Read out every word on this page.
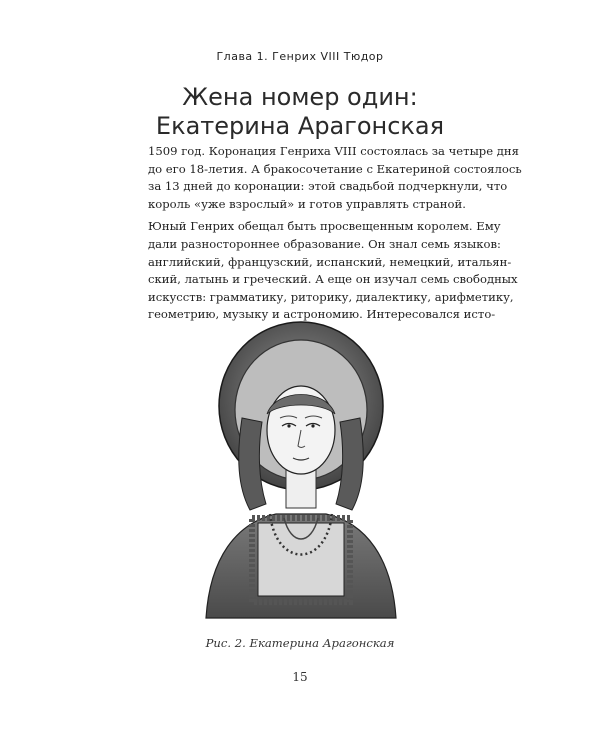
Глава 1. Генрих VIII Тюдор
Жена номер один:
Екатерина Арагонская

1509 год. Коронация Генриха VIII состоялась за четыре дня
до его 18-летия. А бракосочетание с Екатериной состоялось
за 13 дней до коронации: этой свадьбой подчеркнули, что
король «уже взрослый» и готов управлять страной.

Юный Генрих обещал быть просвещенным королем. Ему
дали разностороннее образование. Он знал семь языков:
английский, французский, испанский, немецкий, итальян-
ский, латынь и греческий. А еще он изучал семь свободных
искусств: грамматику, риторику, диалектику, арифметику,
геометрию, музыку и астрономию. Интересовался исто-

Рис. 2. Екатерина Арагонская
15
